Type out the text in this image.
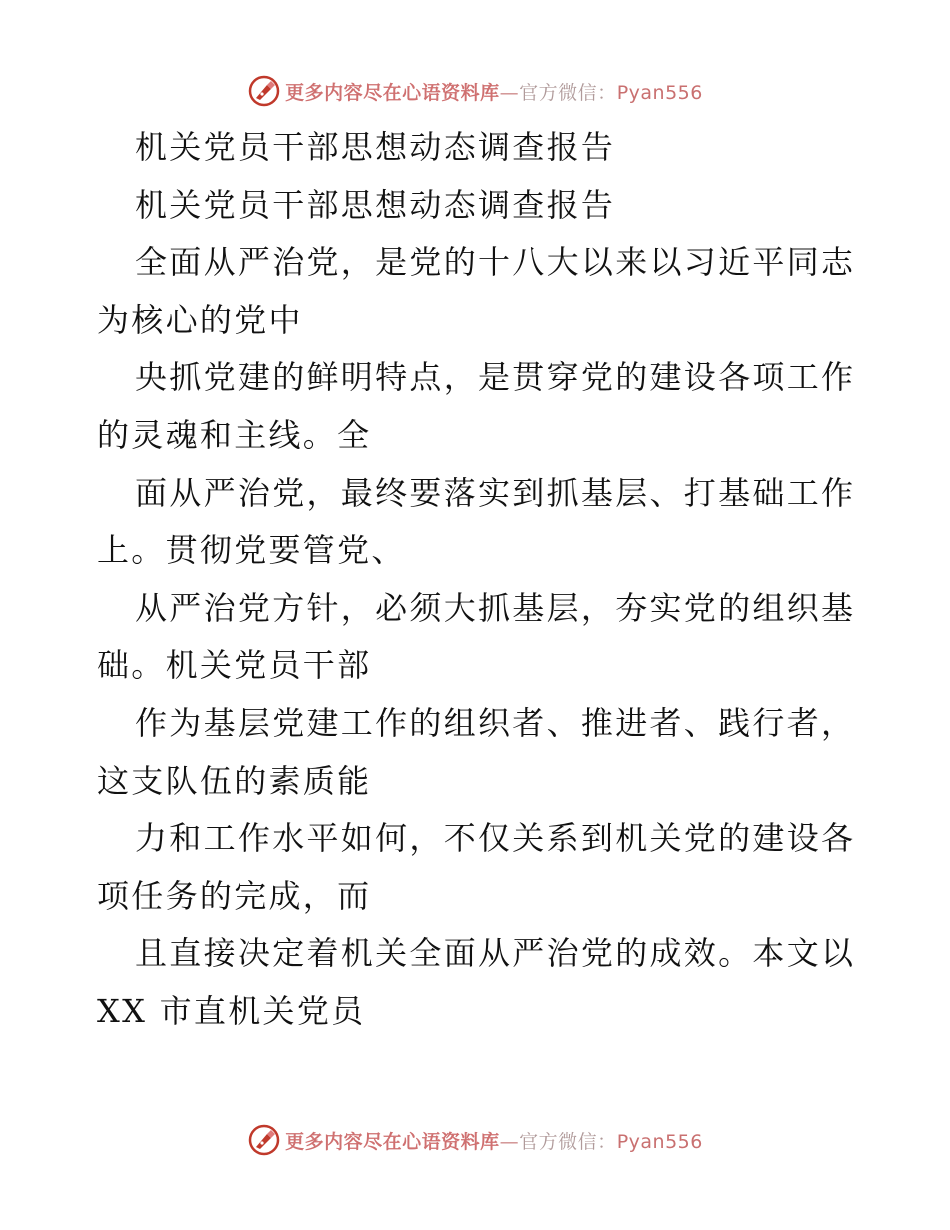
更多内容尽在心语资料库—官方微信：Pyan556
机关党员干部思想动态调查报告
机关党员干部思想动态调查报告
全面从严治党，是党的十八大以来以习近平同志
为核心的党中
央抓党建的鲜明特点，是贯穿党的建设各项工作
的灵魂和主线。全
面从严治党，最终要落实到抓基层、打基础工作
上。贯彻党要管党、
从严治党方针，必须大抓基层，夯实党的组织基
础。机关党员干部
作为基层党建工作的组织者、推进者、践行者，
这支队伍的素质能
力和工作水平如何，不仅关系到机关党的建设各
项任务的完成，而
且直接决定着机关全面从严治党的成效。本文以
XX 市直机关党员
更多内容尽在心语资料库—官方微信：Pyan556
